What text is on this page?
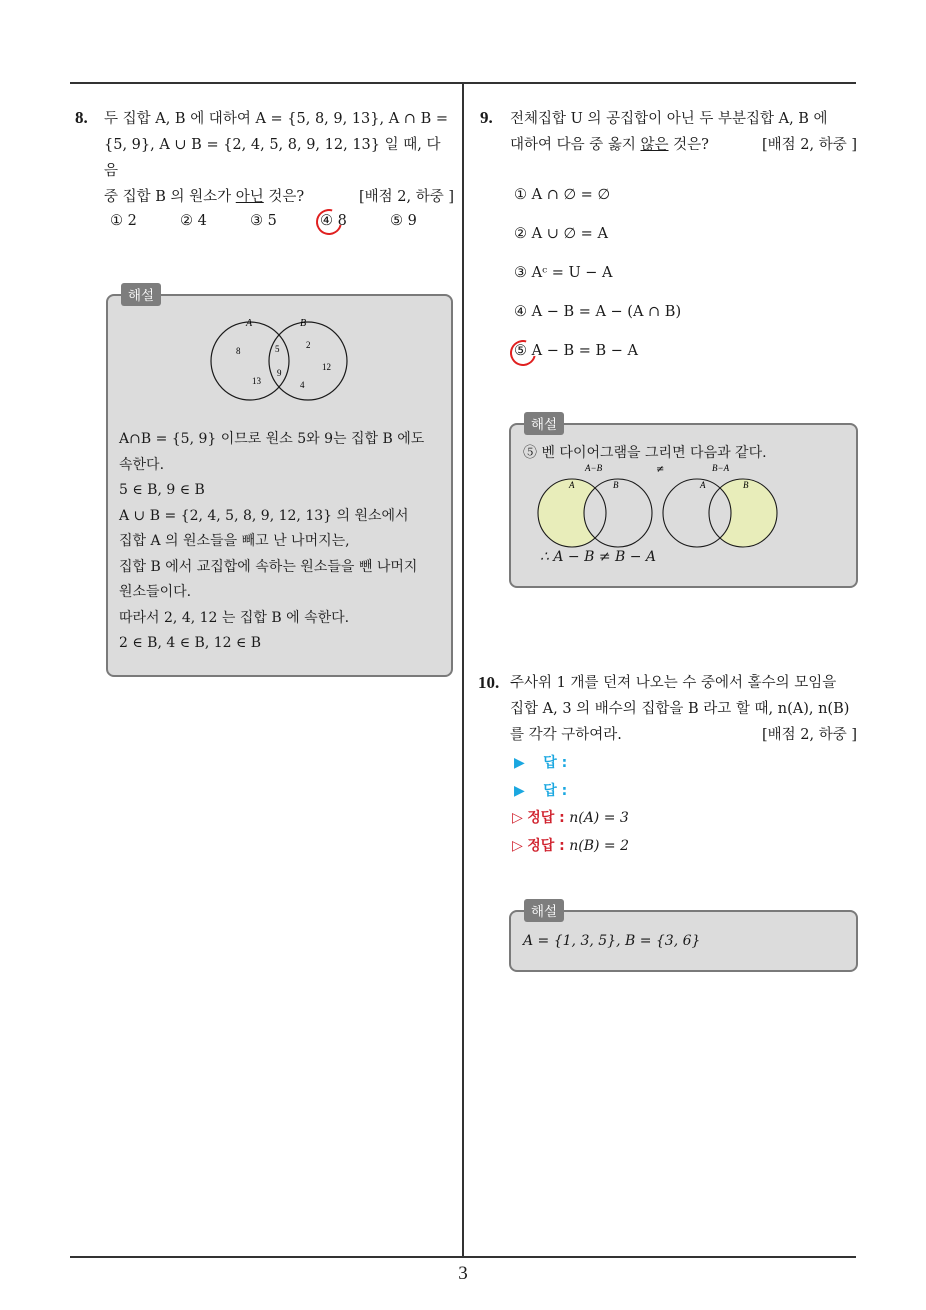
8. 두 집합 A, B 에 대하여 A = {5, 8, 9, 13}, A ∩ B =
{5, 9}, A ∪ B = {2, 4, 5, 8, 9, 12, 13} 일 때, 다음
중 집합 B 의 원소가 아닌 것은?	[배점 2, 하중 ]
① 2	② 4	③ 5	④ 8	⑤ 9
해설
A	B
8	5	2
12
9
13	4
A∩B = {5, 9} 이므로 원소 5와 9는 집합 B 에도
속한다.
5 ∈ B, 9 ∈ B
A ∪ B = {2, 4, 5, 8, 9, 12, 13} 의 원소에서
집합 A 의 원소들을 빼고 난 나머지는,
집합 B 에서 교집합에 속하는 원소들을 뺀 나머지
원소들이다.
따라서 2, 4, 12 는 집합 B 에 속한다.
2 ∈ B, 4 ∈ B, 12 ∈ B
9. 전체집합 U 의 공집합이 아닌 두 부분집합 A, B 에
대하여 다음 중 옳지 않은 것은?	[배점 2, 하중 ]
① A ∩ ∅ = ∅
② A ∪ ∅ = A
③ Aᶜ = U − A
④ A − B = A − (A ∩ B)
⑤ A − B = B − A
해설
⑤ 벤 다이어그램을 그리면 다음과 같다.
A−B	≠	B−A
A	B	A	B
∴ A − B ≠ B − A
10. 주사위 1 개를 던져 나오는 수 중에서 홀수의 모임을
집합 A, 3 의 배수의 집합을 B 라고 할 때, n(A), n(B)
를 각각 구하여라.	[배점 2, 하중 ]
▶ 답 :
▶ 답 :
▷ 정답 : n(A) = 3
▷ 정답 : n(B) = 2
해설
A = {1, 3, 5}, B = {3, 6}
3
